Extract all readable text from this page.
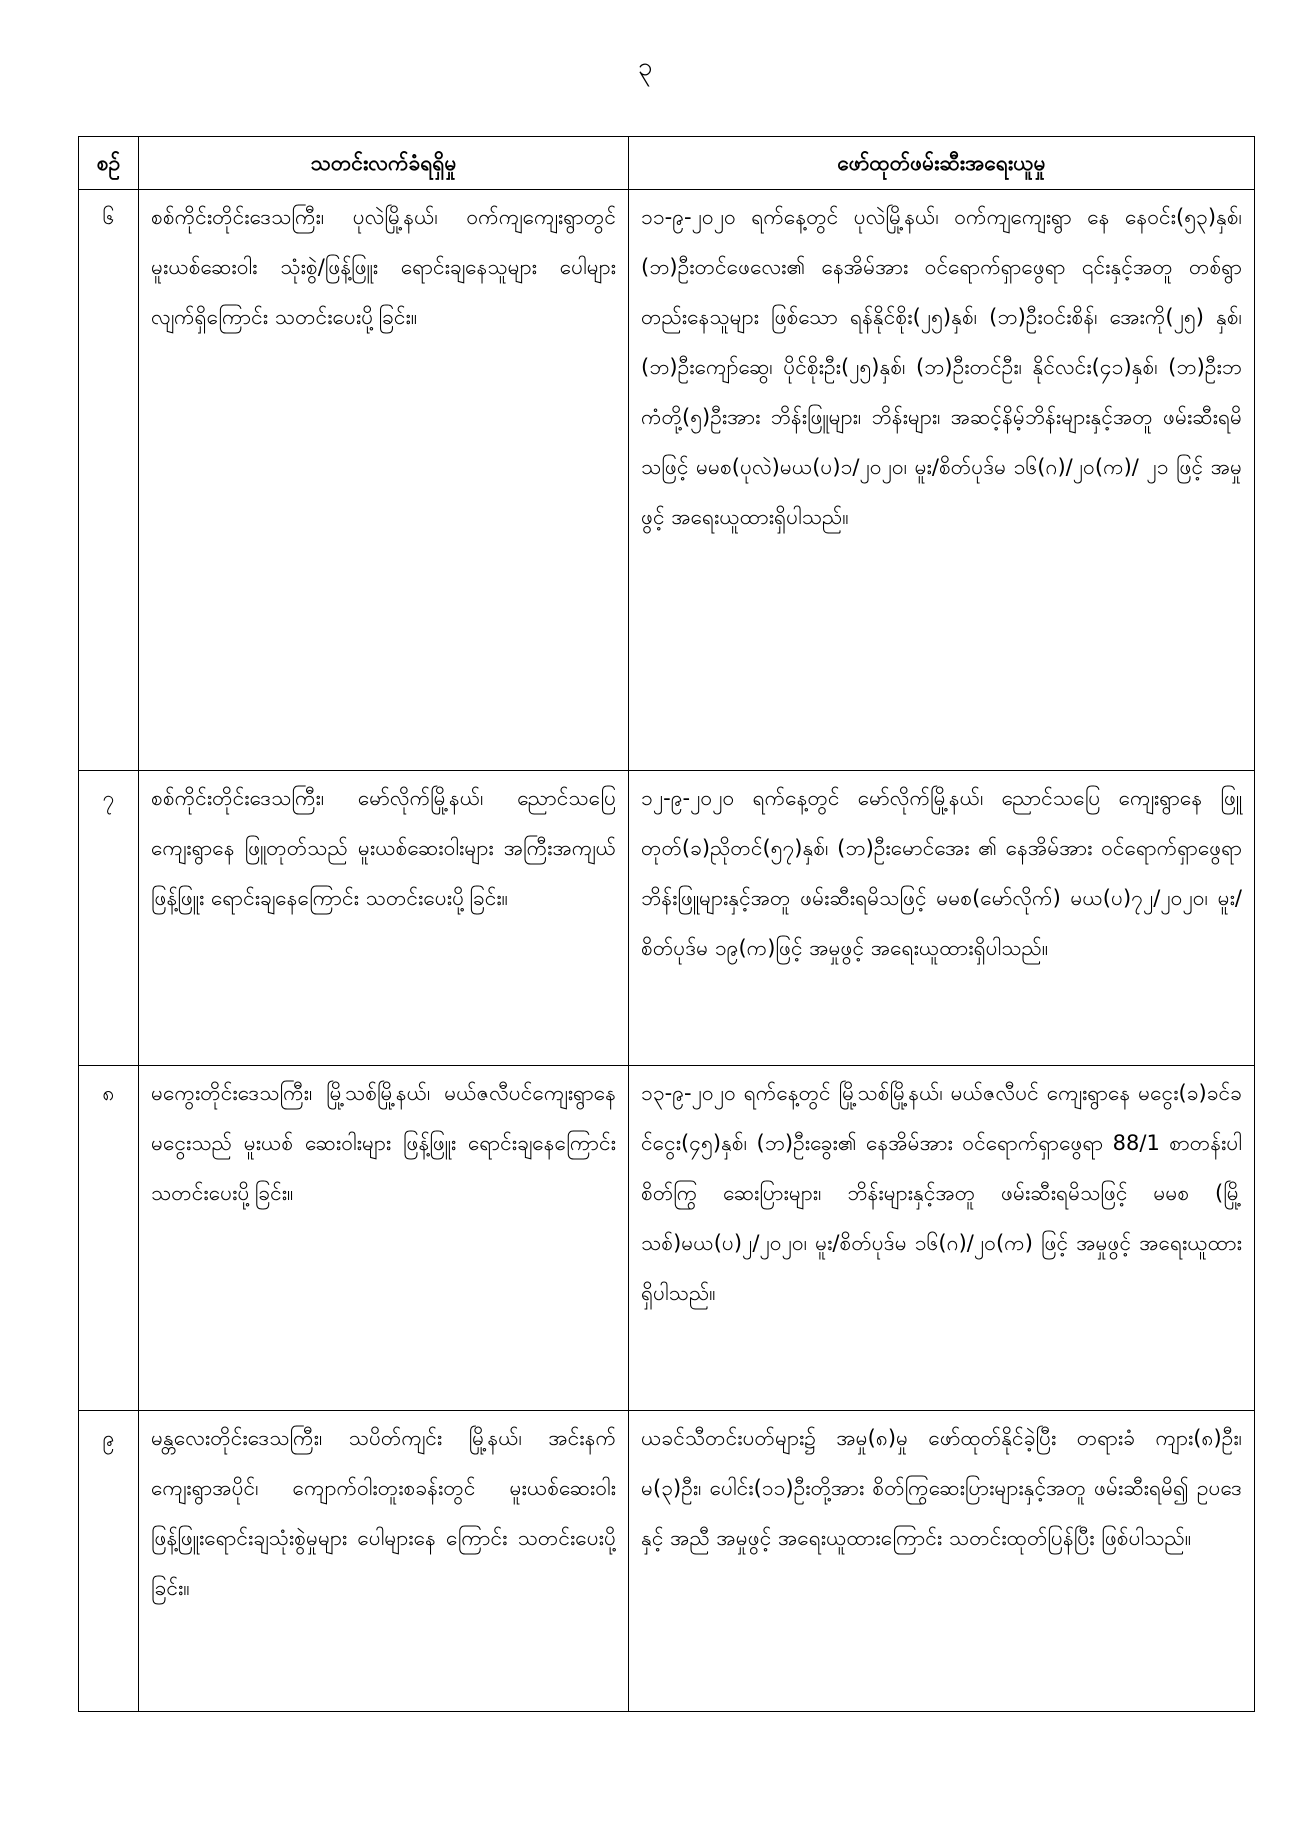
၃
စဉ်	သတင်းလက်ခံရရှိမှု	ဖော်ထုတ်ဖမ်းဆီးအရေးယူမှု
၆	စစ်ကိုင်းတိုင်းဒေသကြီး၊ ပုလဲမြို့နယ်၊ ဝက်ကျကျေးရွာတွင် မူးယစ်ဆေးဝါး သုံးစွဲ/ဖြန့်ဖြူး ရောင်းချနေသူများ ပေါများ လျက်ရှိကြောင်း သတင်းပေးပို့ခြင်း။	၁၁-၉-၂၀၂၀ ရက်နေ့တွင် ပုလဲမြို့နယ်၊ ဝက်ကျကျေးရွာ နေ နေဝင်း(၅၃)နှစ်၊ (ဘ)ဦးတင်ဖေလေး၏ နေအိမ်အား ဝင်ရောက်ရှာဖွေရာ ၎င်းနှင့်အတူ တစ်ရွာတည်းနေသူများ ဖြစ်သော ရန်နိုင်စိုး(၂၅)နှစ်၊ (ဘ)ဦးဝင်းစိန်၊ အေးကို(၂၅) နှစ်၊ (ဘ)ဦးကျော်ဆွေ၊ ပိုင်စိုးဦး(၂၅)နှစ်၊ (ဘ)ဦးတင်ဦး၊ နိုင်လင်း(၄၁)နှစ်၊ (ဘ)ဦးဘကံတို့(၅)ဦးအား ဘိန်းဖြူများ၊ ဘိန်းများ၊ အဆင့်နိမ့်ဘိန်းများနှင့်အတူ ဖမ်းဆီးရမိသဖြင့် မမစ(ပုလဲ)မယ(ပ)၁/၂၀၂၀၊ မူး/စိတ်ပုဒ်မ ၁၆(ဂ)/၂၀(က)/ ၂၁ ဖြင့် အမှုဖွင့် အရေးယူထားရှိပါသည်။
၇	စစ်ကိုင်းတိုင်းဒေသကြီး၊ မော်လိုက်မြို့နယ်၊ ညောင်သပြေကျေးရွာနေ ဖြူတုတ်သည် မူးယစ်ဆေးဝါးများ အကြီးအကျယ်ဖြန့်ဖြူး ရောင်းချနေကြောင်း သတင်းပေးပို့ခြင်း။	၁၂-၉-၂၀၂၀ ရက်နေ့တွင် မော်လိုက်မြို့နယ်၊ ညောင်သပြေ ကျေးရွာနေ ဖြူတုတ်(ခ)ညိုတင်(၅၇)နှစ်၊ (ဘ)ဦးမောင်အေး ၏ နေအိမ်အား ဝင်ရောက်ရှာဖွေရာ ဘိန်းဖြူများနှင့်အတူ ဖမ်းဆီးရမိသဖြင့် မမစ(မော်လိုက်) မယ(ပ)၇၂/၂၀၂၀၊ မူး/စိတ်ပုဒ်မ ၁၉(က)ဖြင့် အမှုဖွင့် အရေးယူထားရှိပါသည်။
၈	မကွေးတိုင်းဒေသကြီး၊ မြို့သစ်မြို့နယ်၊ မယ်ဇလီပင်ကျေးရွာနေ မငွေးသည် မူးယစ် ဆေးဝါးများ ဖြန့်ဖြူး ရောင်းချနေကြောင်း သတင်းပေးပို့ခြင်း။	၁၃-၉-၂၀၂၀ ရက်နေ့တွင် မြို့သစ်မြို့နယ်၊ မယ်ဇလီပင် ကျေးရွာနေ မငွေး(ခ)ခင်ခင်ငွေး(၄၅)နှစ်၊ (ဘ)ဦးခွေး၏ နေအိမ်အား ဝင်ရောက်ရှာဖွေရာ 88/1 စာတန်းပါစိတ်ကြွ ဆေးပြားများ၊ ဘိန်းများနှင့်အတူ ဖမ်းဆီးရမိသဖြင့် မမစ (မြို့သစ်)မယ(ပ)၂/၂၀၂၀၊ မူး/စိတ်ပုဒ်မ ၁၆(ဂ)/၂၀(က) ဖြင့် အမှုဖွင့် အရေးယူထားရှိပါသည်။
၉	မန္တလေးတိုင်းဒေသကြီး၊ သပိတ်ကျင်း မြို့နယ်၊ အင်းနက်ကျေးရွာအပိုင်၊ ကျောက်ဝါးတူးစခန်းတွင် မူးယစ်ဆေးဝါး ဖြန့်ဖြူးရောင်းချသုံးစွဲမှုများ ပေါများနေ ကြောင်း သတင်းပေးပို့ခြင်း။	ယခင်သီတင်းပတ်များ၌ အမှု(၈)မှု ဖော်ထုတ်နိုင်ခဲ့ပြီး တရားခံ ကျား(၈)ဦး၊ မ(၃)ဦး၊ ပေါင်း(၁၁)ဦးတို့အား စိတ်ကြွဆေးပြားများနှင့်အတူ ဖမ်းဆီးရမိ၍ ဥပဒေနှင့် အညီ အမှုဖွင့် အရေးယူထားကြောင်း သတင်းထုတ်ပြန်ပြီး ဖြစ်ပါသည်။
